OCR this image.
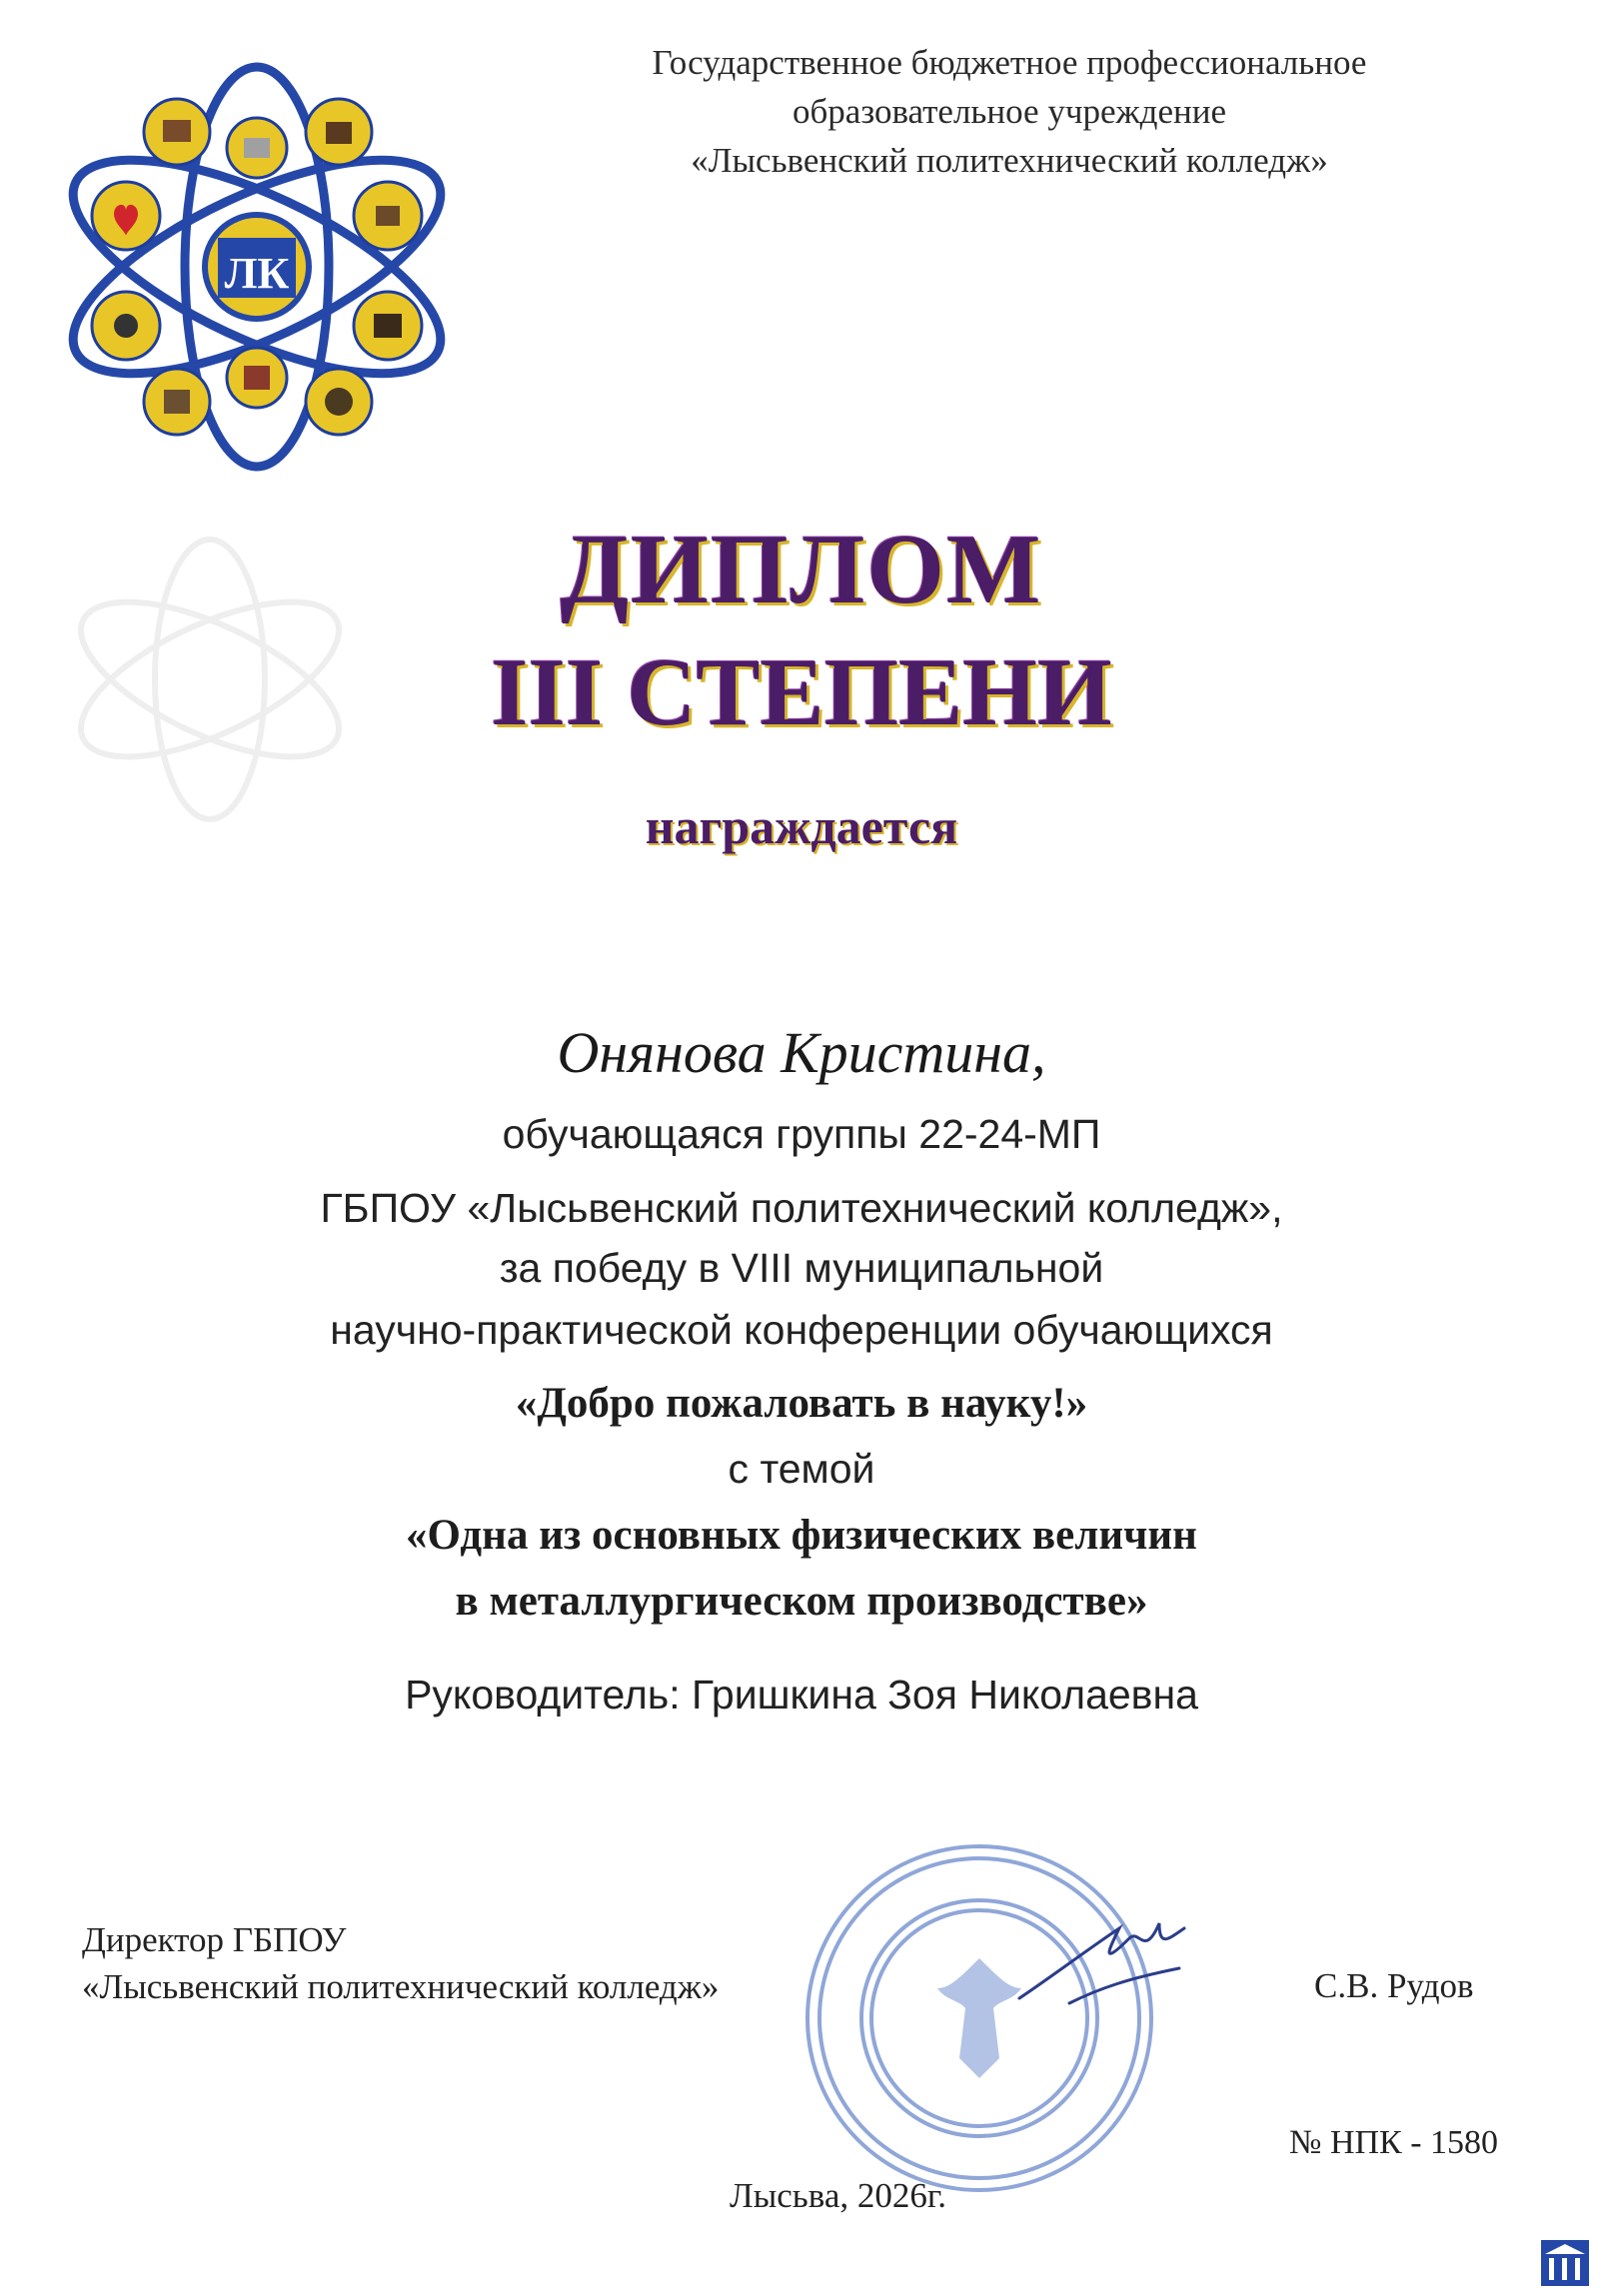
Государственное бюджетное профессиональное
образовательное учреждение
«Лысьвенский политехнический колледж»
ЛК
ДИПЛОМ
III СТЕПЕНИ
награждается
Онянова Кристина,
обучающаяся группы 22-24-МП
ГБПОУ «Лысьвенский политехнический колледж»,
за победу в VIII муниципальной
научно-практической конференции обучающихся
«Добро пожаловать в науку!»
с темой
«Одна из основных физических величин
в металлургическом производстве»
Руководитель: Гришкина Зоя Николаевна
Директор ГБПОУ
«Лысьвенский политехнический колледж»	С.В. Рудов
№ НПК - 1580
Лысьва, 2026г.
